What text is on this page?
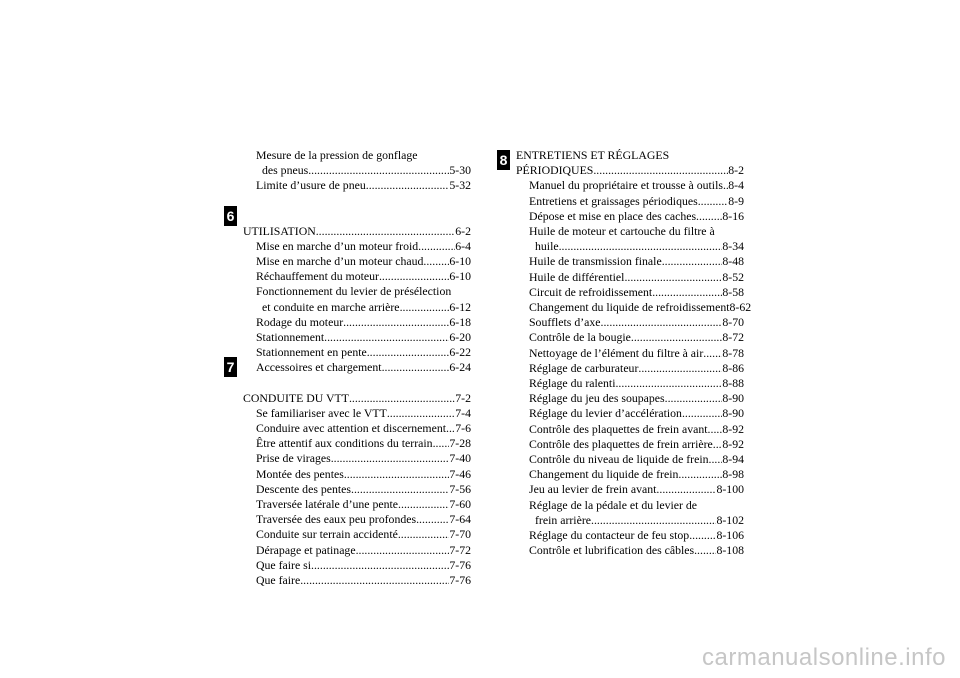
6
7
8
Mesure de la pression de gonflage
des pneus .....	5-30
Limite d’usure de pneu .....	5-32
UTILISATION .....	6-2
Mise en marche d’un moteur froid .....	6-4
Mise en marche d’un moteur chaud ..... 6-10
Réchauffement du moteur .....	6-10
Fonctionnement du levier de présélection
et conduite en marche arrière .....	6-12
Rodage du moteur .....	6-18
Stationnement .....	6-20
Stationnement en pente .....	6-22
Accessoires et chargement .....	6-24
CONDUITE DU VTT .....	7-2
Se familiariser avec le VTT .....	7-4
Conduire avec attention et discernement ..... 7-6
Être attentif aux conditions du terrain ..... 7-28
Prise de virages .....	7-40
Montée des pentes .....	7-46
Descente des pentes .....	7-56
Traversée latérale d’une pente .....	7-60
Traversée des eaux peu profondes .....	7-64
Conduite sur terrain accidenté .....	7-70
Dérapage et patinage .....	7-72
Que faire si .....	7-76
Que faire .....	7-76
ENTRETIENS ET RÉGLAGES
PÉRIODIQUES .....	8-2
Manuel du propriétaire et trousse à outils ..... 8-4
Entretiens et graissages périodiques .....	8-9
Dépose et mise en place des caches ..... 8-16
Huile de moteur et cartouche du filtre à
huile .....	8-34
Huile de transmission finale .....	8-48
Huile de différentiel .....	8-52
Circuit de refroidissement .....	8-58
Changement du liquide de refroidissement 8-62
Soufflets d’axe .....	8-70
Contrôle de la bougie .....	8-72
Nettoyage de l’élément du filtre à air ..... 8-78
Réglage de carburateur .....	8-86
Réglage du ralenti .....	8-88
Réglage du jeu des soupapes .....	8-90
Réglage du levier d’accélération .....	8-90
Contrôle des plaquettes de frein avant ..... 8-92
Contrôle des plaquettes de frein arrière ..... 8-92
Contrôle du niveau de liquide de frein ..... 8-94
Changement du liquide de frein .....	8-98
Jeu au levier de frein avant .....	8-100
Réglage de la pédale et du levier de
frein arrière .....	8-102
Réglage du contacteur de feu stop ..... 8-106
Contrôle et lubrification des câbles ..... 8-108
carmanualsonline.info
